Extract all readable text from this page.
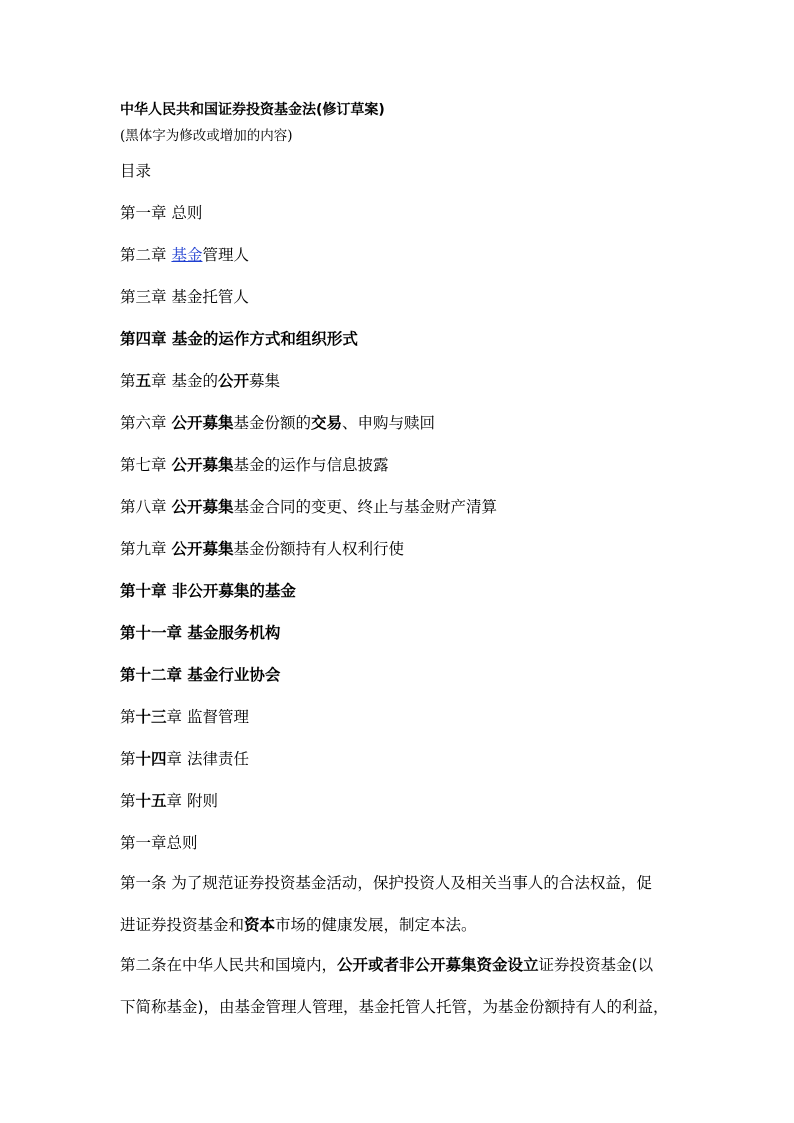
中华人民共和国证券投资基金法(修订草案)
(黑体字为修改或增加的内容)
目录
第一章 总则
第二章 基金管理人
第三章 基金托管人
第四章 基金的运作方式和组织形式
第五章 基金的公开募集
第六章 公开募集基金份额的交易、申购与赎回
第七章 公开募集基金的运作与信息披露
第八章 公开募集基金合同的变更、终止与基金财产清算
第九章 公开募集基金份额持有人权利行使
第十章 非公开募集的基金
第十一章 基金服务机构
第十二章 基金行业协会
第十三章 监督管理
第十四章 法律责任
第十五章 附则
第一章总则
第一条 为了规范证券投资基金活动，保护投资人及相关当事人的合法权益，促
进证券投资基金和资本市场的健康发展，制定本法。
第二条在中华人民共和国境内，公开或者非公开募集资金设立证券投资基金(以
下简称基金)，由基金管理人管理，基金托管人托管，为基金份额持有人的利益，
